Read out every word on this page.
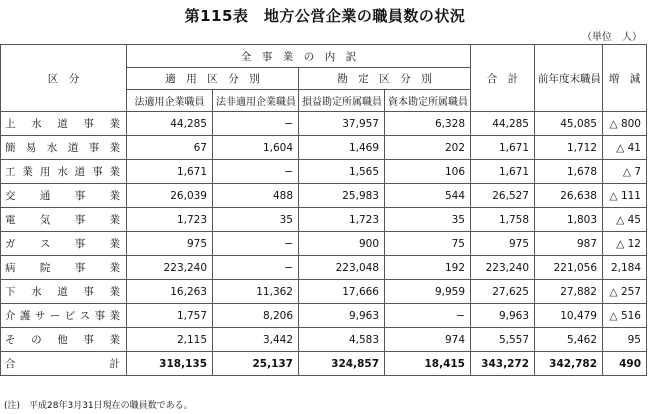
第115表　地方公営企業の職員数の状況
（単位　人）
区　分	全　事　業　の　内　訳				合　計	前年度末職員	増　減
	適　用　区　分　別		勘　定　区　分　別				
	法適用企業職員	法非適用企業職員	損益勘定所属職員	資本勘定所属職員			
上水道事業	44,285	−	37,957	6,328	44,285	45,085	△ 800
簡易水道事業	67	1,604	1,469	202	1,671	1,712	△ 41
工業用水道事業	1,671	−	1,565	106	1,671	1,678	△ 7
交通事業	26,039	488	25,983	544	26,527	26,638	△ 111
電気事業	1,723	35	1,723	35	1,758	1,803	△ 45
ガス事業	975	−	900	75	975	987	△ 12
病院事業	223,240	−	223,048	192	223,240	221,056	2,184
下水道事業	16,263	11,362	17,666	9,959	27,625	27,882	△ 257
介護サービス事業	1,757	8,206	9,963	−	9,963	10,479	△ 516
その他事業	2,115	3,442	4,583	974	5,557	5,462	95
合計	318,135	25,137	324,857	18,415	343,272	342,782	490
(注)　平成28年3月31日現在の職員数である。
